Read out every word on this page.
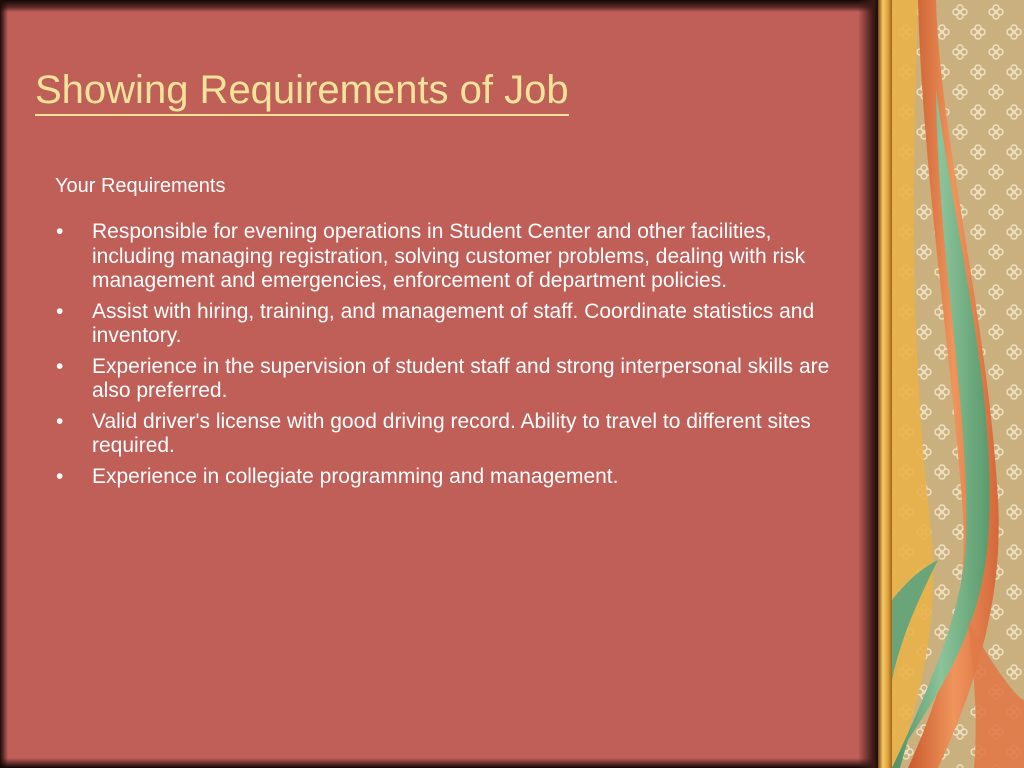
Showing Requirements of Job

Your Requirements

• Responsible for evening operations in Student Center and other facilities, including managing registration, solving customer problems, dealing with risk management and emergencies, enforcement of department policies.
• Assist with hiring, training, and management of staff. Coordinate statistics and inventory.
• Experience in the supervision of student staff and strong interpersonal skills are also preferred.
• Valid driver's license with good driving record. Ability to travel to different sites required.
• Experience in collegiate programming and management.
